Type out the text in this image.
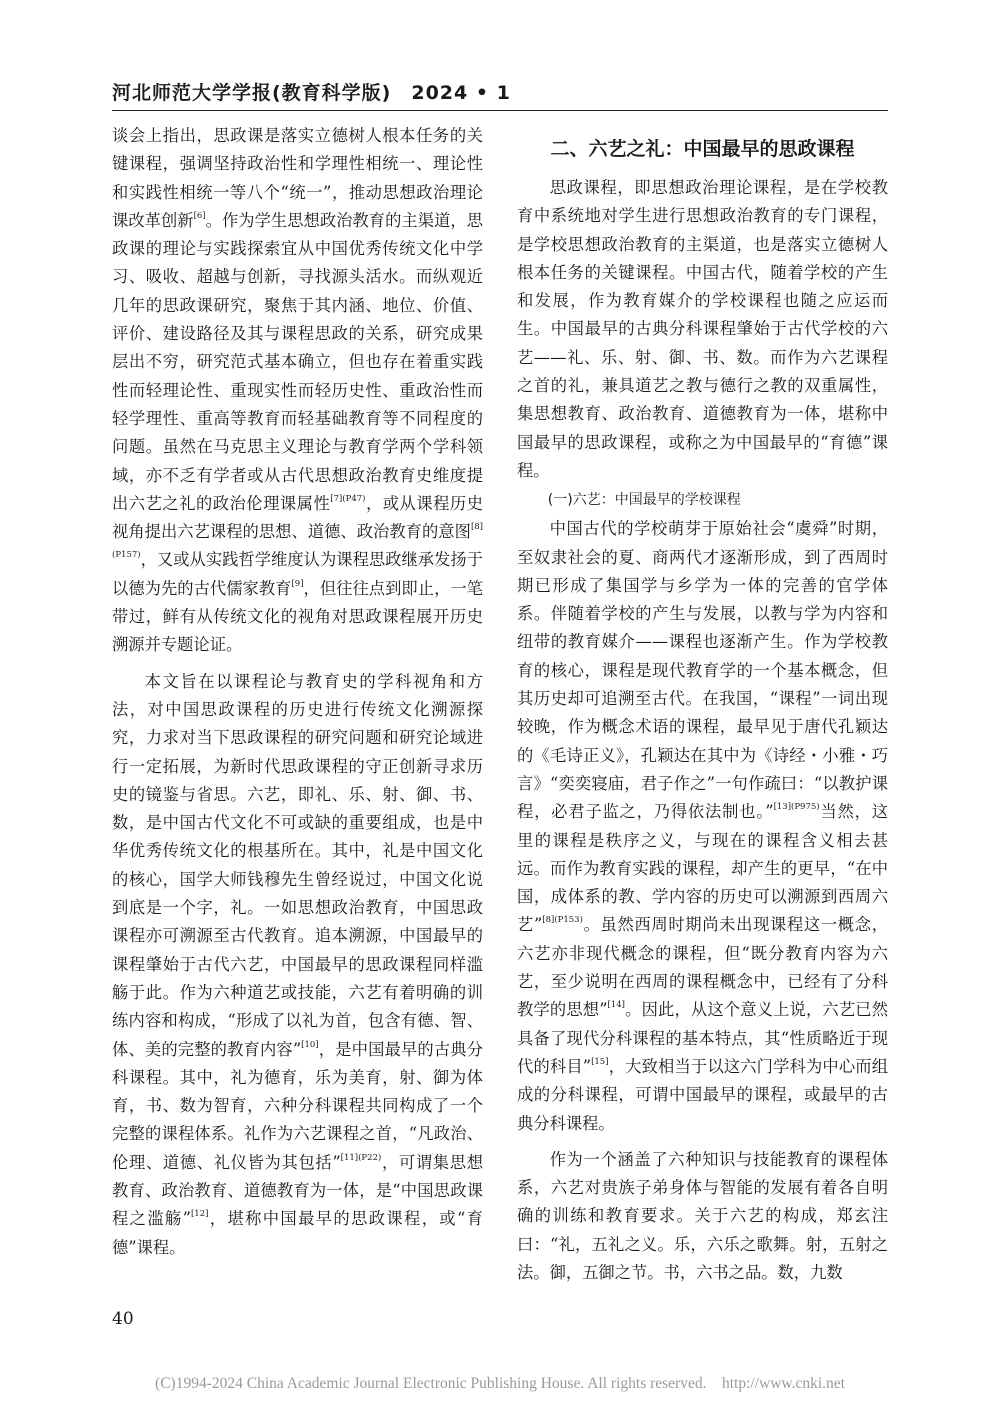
河北师范大学学报(教育科学版)　2024 • 1

谈会上指出，思政课是落实立德树人根本任务的关键课程，强调坚持政治性和学理性相统一、理论性和实践性相统一等八个“统一”，推动思想政治理论课改革创新[6]。作为学生思想政治教育的主渠道，思政课的理论与实践探索宜从中国优秀传统文化中学习、吸收、超越与创新，寻找源头活水。而纵观近几年的思政课研究，聚焦于其内涵、地位、价值、评价、建设路径及其与课程思政的关系，研究成果层出不穷，研究范式基本确立，但也存在着重实践性而轻理论性、重现实性而轻历史性、重政治性而轻学理性、重高等教育而轻基础教育等不同程度的问题。虽然在马克思主义理论与教育学两个学科领域，亦不乏有学者或从古代思想政治教育史维度提出六艺之礼的政治伦理课属性$^{[7](P47)}$，或从课程历史视角提出六艺课程的思想、道德、政治教育的意图$^{[8](P157)}$，又或从实践哲学维度认为课程思政继承发扬于以德为先的古代儒家教育[9]，但往往点到即止，一笔带过，鲜有从传统文化的视角对思政课程展开历史溯源并专题论证。

本文旨在以课程论与教育史的学科视角和方法，对中国思政课程的历史进行传统文化溯源探究，力求对当下思政课程的研究问题和研究论域进行一定拓展，为新时代思政课程的守正创新寻求历史的镜鉴与省思。六艺，即礼、乐、射、御、书、数，是中国古代文化不可或缺的重要组成，也是中华优秀传统文化的根基所在。其中，礼是中国文化的核心，国学大师钱穆先生曾经说过，中国文化说到底是一个字，礼。一如思想政治教育，中国思政课程亦可溯源至古代教育。追本溯源，中国最早的课程肇始于古代六艺，中国最早的思政课程同样滥觞于此。作为六种道艺或技能，六艺有着明确的训练内容和构成，“形成了以礼为首，包含有德、智、体、美的完整的教育内容”[10]，是中国最早的古典分科课程。其中，礼为德育，乐为美育，射、御为体育，书、数为智育，六种分科课程共同构成了一个完整的课程体系。礼作为六艺课程之首，“凡政治、伦理、道德、礼仪皆为其包括”$^{[11](P22)}$，可谓集思想教育、政治教育、道德教育为一体，是“中国思政课程之滥觞”[12]，堪称中国最早的思政课程，或“育德”课程。

二、六艺之礼：中国最早的思政课程

思政课程，即思想政治理论课程，是在学校教育中系统地对学生进行思想政治教育的专门课程，是学校思想政治教育的主渠道，也是落实立德树人根本任务的关键课程。中国古代，随着学校的产生和发展，作为教育媒介的学校课程也随之应运而生。中国最早的古典分科课程肇始于古代学校的六艺——礼、乐、射、御、书、数。而作为六艺课程之首的礼，兼具道艺之教与德行之教的双重属性，集思想教育、政治教育、道德教育为一体，堪称中国最早的思政课程，或称之为中国最早的“育德”课程。

(一)六艺：中国最早的学校课程

中国古代的学校萌芽于原始社会“虞舜”时期，至奴隶社会的夏、商两代才逐渐形成，到了西周时期已形成了集国学与乡学为一体的完善的官学体系。伴随着学校的产生与发展，以教与学为内容和纽带的教育媒介——课程也逐渐产生。作为学校教育的核心，课程是现代教育学的一个基本概念，但其历史却可追溯至古代。在我国，“课程”一词出现较晚，作为概念术语的课程，最早见于唐代孔颖达的《毛诗正义》，孔颖达在其中为《诗经・小雅・巧言》“奕奕寝庙，君子作之”一句作疏曰：“以教护课程，必君子监之，乃得依法制也。”$^{[13](P975)}$当然，这里的课程是秩序之义，与现在的课程含义相去甚远。而作为教育实践的课程，却产生的更早，“在中国，成体系的教、学内容的历史可以溯源到西周六艺”$^{[8](P153)}$。虽然西周时期尚未出现课程这一概念，六艺亦非现代概念的课程，但“既分教育内容为六艺，至少说明在西周的课程概念中，已经有了分科教学的思想”[14]。因此，从这个意义上说，六艺已然具备了现代分科课程的基本特点，其“性质略近于现代的科目”[15]，大致相当于以这六门学科为中心而组成的分科课程，可谓中国最早的课程，或最早的古典分科课程。

作为一个涵盖了六种知识与技能教育的课程体系，六艺对贵族子弟身体与智能的发展有着各自明确的训练和教育要求。关于六艺的构成，郑玄注曰：“礼，五礼之义。乐，六乐之歌舞。射，五射之法。御，五御之节。书，六书之品。数，九数

40
(C)1994-2024 China Academic Journal Electronic Publishing House. All rights reserved.　http://www.cnki.net
